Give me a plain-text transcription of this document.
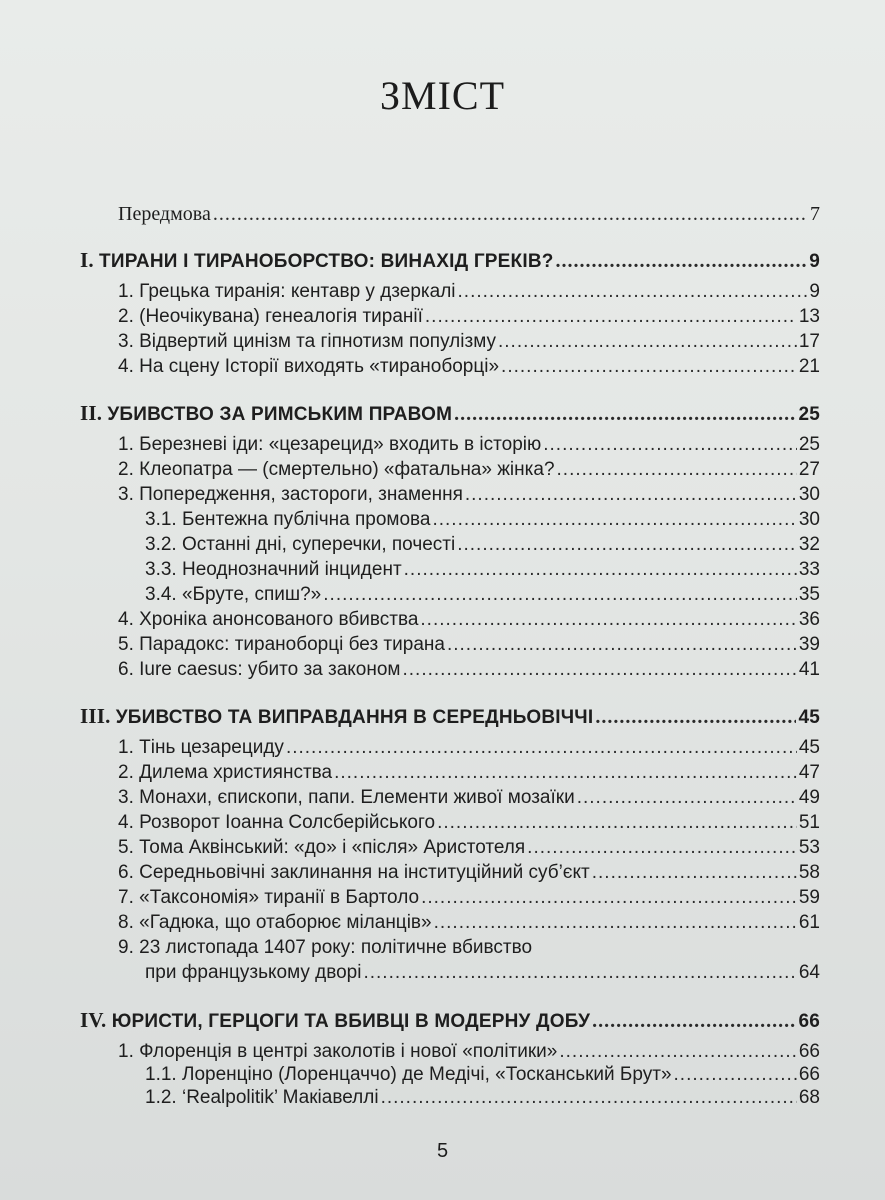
ЗМІСТ
Передмова .....	7
I.
ТИРАНИ І ТИРАНОБОРСТВО: ВИНАХІД ГРЕКІВ? .....	9
1. Грецька тиранія: кентавр у дзеркалі .....	9
2. (Неочікувана) генеалогія тиранії .....	13
3. Відвертий цинізм та гіпнотизм популізму .....	17
4. На сцену Історії виходять «тираноборці» .....	21
II.
УБИВСТВО ЗА РИМСЬКИМ ПРАВОМ .....	25
1. Березневі іди: «цезарецид» входить в історію .....	25
2. Клеопатра — (смертельно) «фатальна» жінка? .....	27
3. Попередження, застороги, знамення .....	30
3.1. Бентежна публічна промова .....	30
3.2. Останні дні, суперечки, почесті .....	32
3.3. Неоднозначний інцидент .....	33
3.4. «Бруте, спиш?» .....	35
4. Хроніка анонсованого вбивства .....	36
5. Парадокс: тираноборці без тирана .....	39
6. Iure caesus: убито за законом .....	41
III.
УБИВСТВО ТА ВИПРАВДАННЯ В СЕРЕДНЬОВІЧЧІ .....	45
1. Тінь цезарециду .....	45
2. Дилема християнства .....	47
3. Монахи, єпископи, папи. Елементи живої мозаїки .....	49
4. Розворот Іоанна Солсберійського .....	51
5. Тома Аквінський: «до» і «після» Аристотеля .....	53
6. Середньовічні заклинання на інституційний суб’єкт .....	58
7. «Таксономія» тиранії в Бартоло .....	59
8. «Гадюка, що отаборює міланців» .....	61
9. 23 листопада 1407 року: політичне вбивство
при французькому дворі .....	64
IV.
ЮРИСТИ, ГЕРЦОГИ ТА ВБИВЦІ В МОДЕРНУ ДОБУ .....	66
1. Флоренція в центрі заколотів і нової «політики» .....	66
1.1. Лоренціно (Лоренцаччо) де Медічі, «Тосканський Брут» .....	66
1.2. ‘Realpolitik’ Макіавеллі .....	68
5
